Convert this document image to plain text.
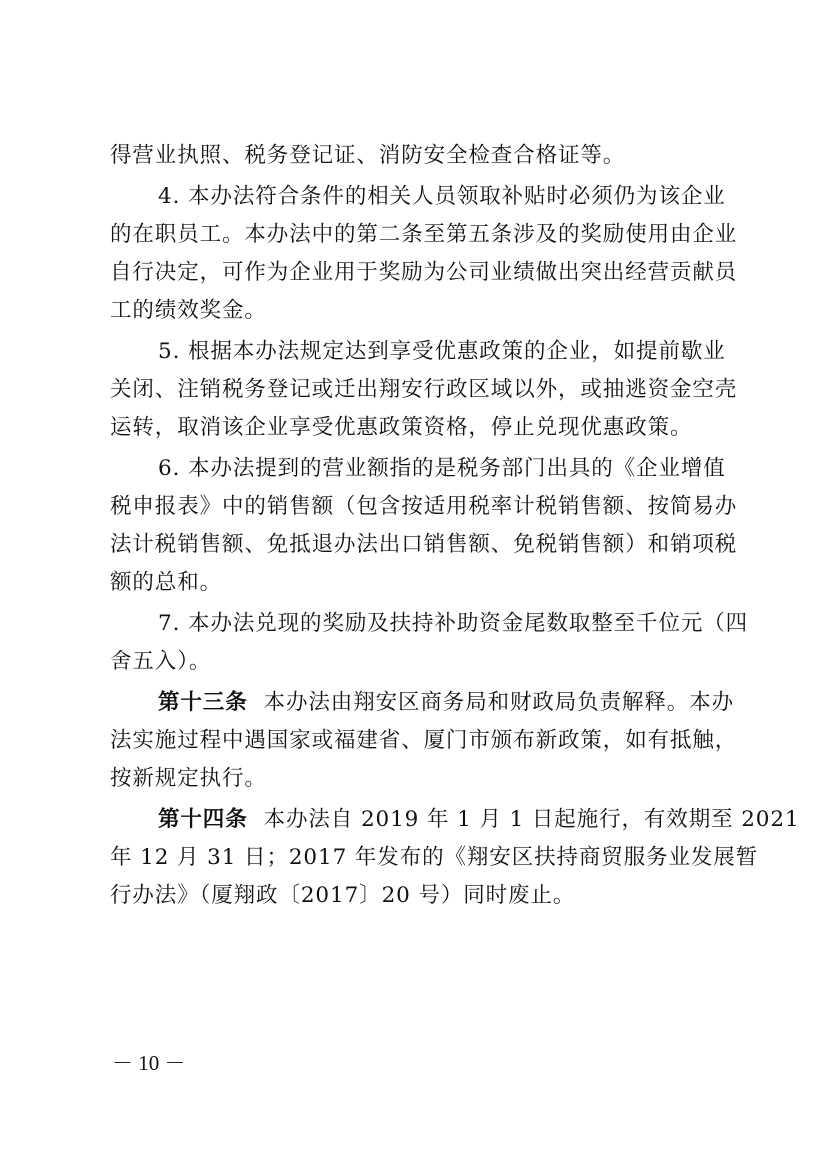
得营业执照、税务登记证、消防安全检查合格证等。
4. 本办法符合条件的相关人员领取补贴时必须仍为该企业
的在职员工。本办法中的第二条至第五条涉及的奖励使用由企业
自行决定，可作为企业用于奖励为公司业绩做出突出经营贡献员
工的绩效奖金。
5. 根据本办法规定达到享受优惠政策的企业，如提前歇业
关闭、注销税务登记或迁出翔安行政区域以外，或抽逃资金空壳
运转，取消该企业享受优惠政策资格，停止兑现优惠政策。
6. 本办法提到的营业额指的是税务部门出具的《企业增值
税申报表》中的销售额（包含按适用税率计税销售额、按简易办
法计税销售额、免抵退办法出口销售额、免税销售额）和销项税
额的总和。
7. 本办法兑现的奖励及扶持补助资金尾数取整至千位元（四
舍五入）。
第十三条 本办法由翔安区商务局和财政局负责解释。本办
法实施过程中遇国家或福建省、厦门市颁布新政策，如有抵触，
按新规定执行。
第十四条 本办法自 2019 年 1 月 1 日起施行，有效期至 2021
年 12 月 31 日；2017 年发布的《翔安区扶持商贸服务业发展暂
行办法》（厦翔政〔2017〕20 号）同时废止。
－ 10 －
